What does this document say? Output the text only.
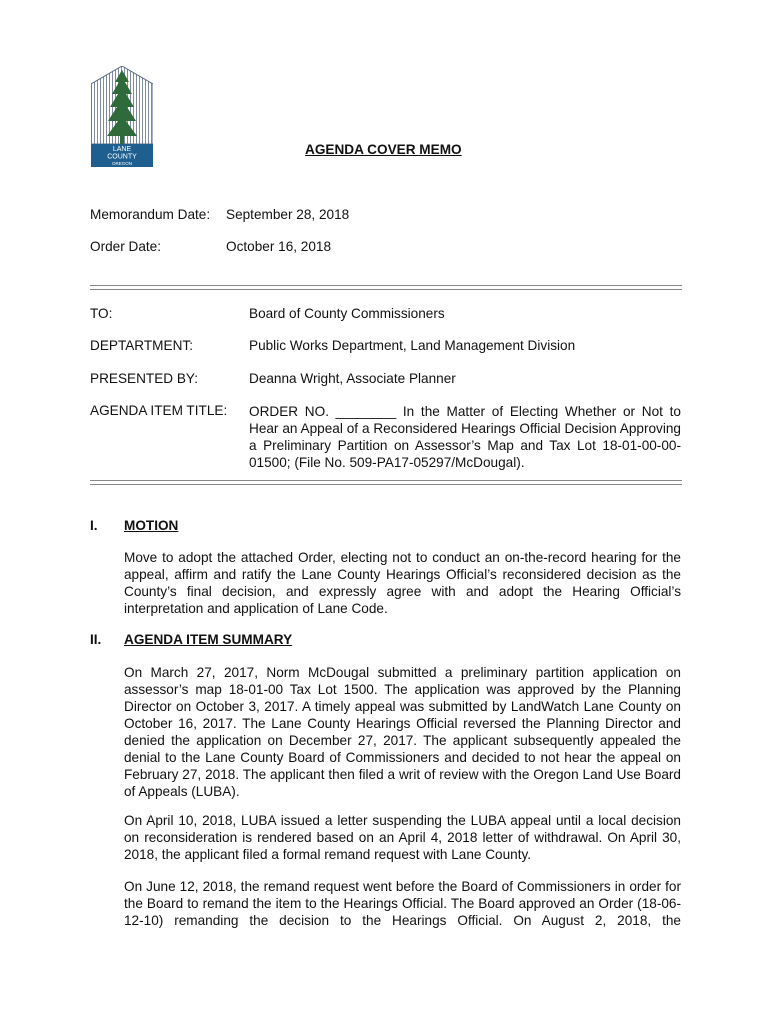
LANE
COUNTY
OREGON
AGENDA COVER MEMO
Memorandum Date: September 28, 2018
Order Date:	October 16, 2018
TO:	Board of County Commissioners
DEPTARTMENT:	Public Works Department, Land Management Division
PRESENTED BY:	Deanna Wright, Associate Planner
AGENDA ITEM TITLE: ORDER NO. ________ In the Matter of Electing Whether or Not to Hear an Appeal of a Reconsidered Hearings Official Decision Approving a Preliminary Partition on Assessor’s Map and Tax Lot 18-01-00-00-01500; (File No. 509-PA17-05297/McDougal).
I. MOTION

Move to adopt the attached Order, electing not to conduct an on-the-record hearing for the appeal, affirm and ratify the Lane County Hearings Official’s reconsidered decision as the County’s final decision, and expressly agree with and adopt the Hearing Official’s interpretation and application of Lane Code.

II. AGENDA ITEM SUMMARY

On March 27, 2017, Norm McDougal submitted a preliminary partition application on assessor’s map 18-01-00 Tax Lot 1500. The application was approved by the Planning Director on October 3, 2017. A timely appeal was submitted by LandWatch Lane County on October 16, 2017. The Lane County Hearings Official reversed the Planning Director and denied the application on December 27, 2017. The applicant subsequently appealed the denial to the Lane County Board of Commissioners and decided to not hear the appeal on February 27, 2018. The applicant then filed a writ of review with the Oregon Land Use Board of Appeals (LUBA).

On April 10, 2018, LUBA issued a letter suspending the LUBA appeal until a local decision on reconsideration is rendered based on an April 4, 2018 letter of withdrawal. On April 30, 2018, the applicant filed a formal remand request with Lane County.

On June 12, 2018, the remand request went before the Board of Commissioners in order for the Board to remand the item to the Hearings Official. The Board approved an Order (18-06-12-10) remanding the decision to the Hearings Official. On August 2, 2018, the
